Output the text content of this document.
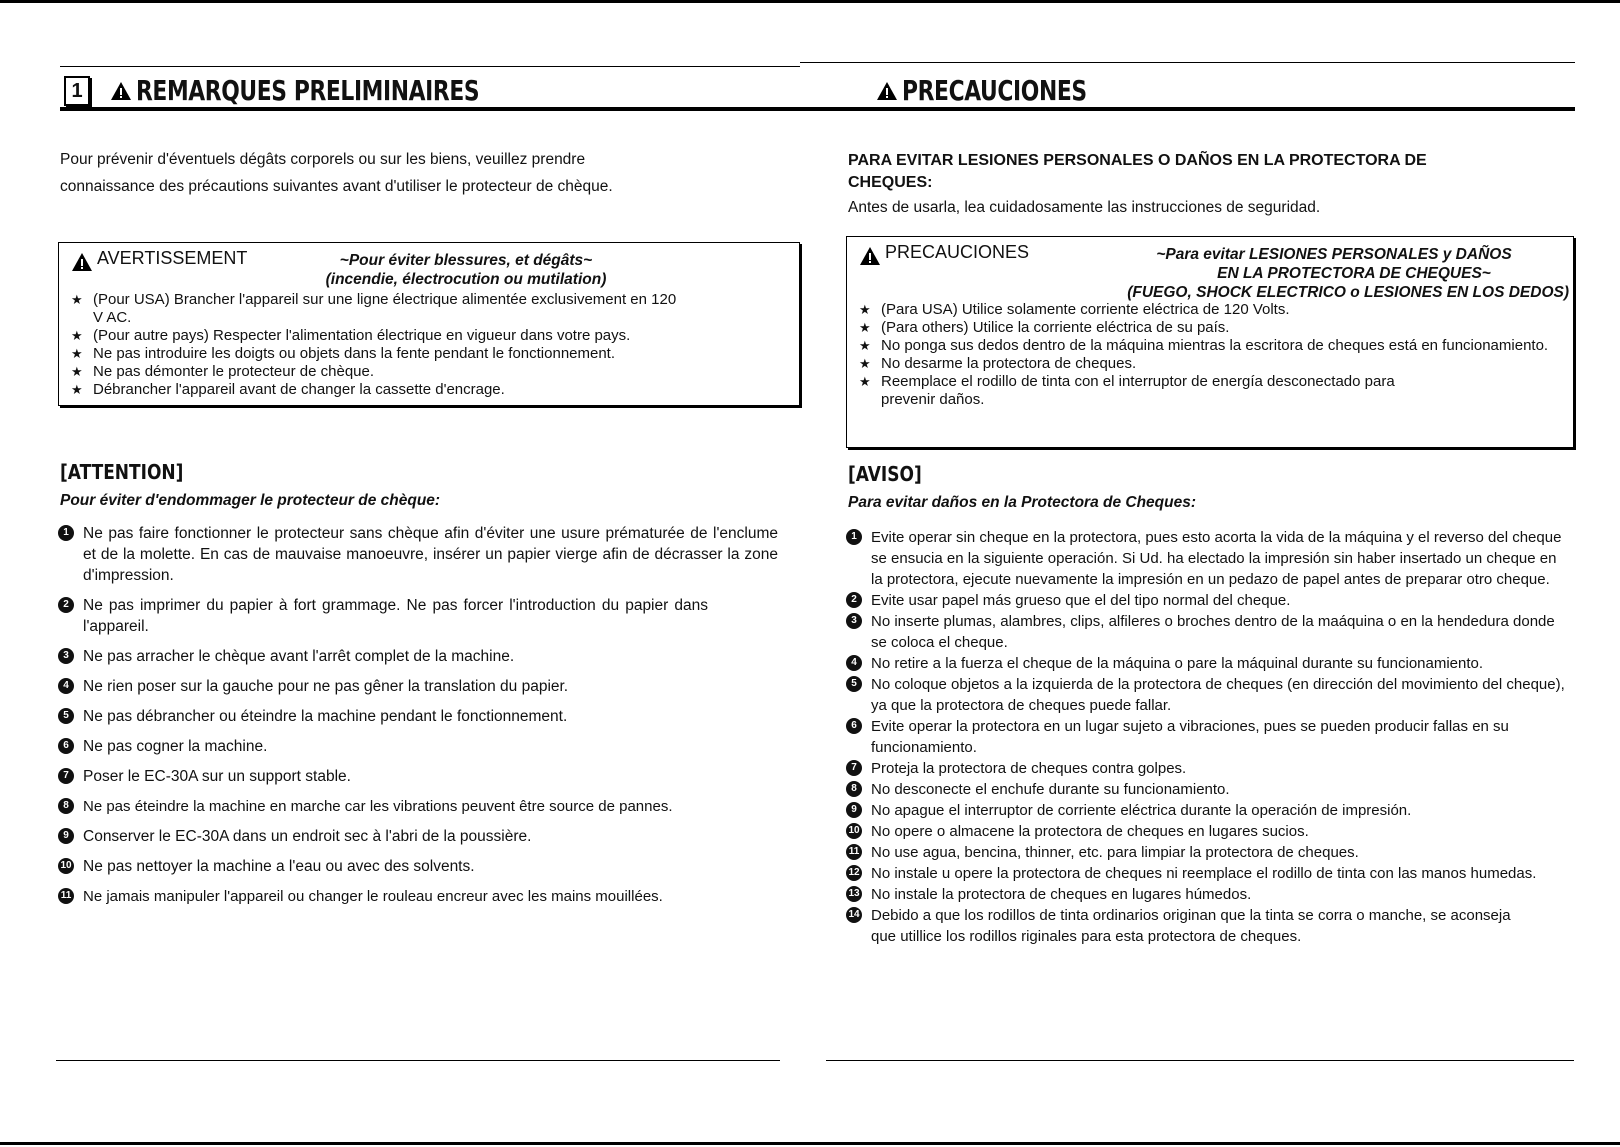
1 REMARQUES PRELIMINAIRES
Pour prévenir d'éventuels dégâts corporels ou sur les biens, veuillez prendre
connaissance des précautions suivantes avant d'utiliser le protecteur de chèque.
AVERTISSEMENT	~Pour éviter blessures, et dégâts~
(incendie, électrocution ou mutilation)
★ (Pour USA) Brancher l'appareil sur une ligne électrique alimentée exclusivement en 120 V AC.
★ (Pour autre pays) Respecter l'alimentation électrique en vigueur dans votre pays.
★ Ne pas introduire les doigts ou objets dans la fente pendant le fonctionnement.
★ Ne pas démonter le protecteur de chèque.
★ Débrancher l'appareil avant de changer la cassette d'encrage.
[ATTENTION]
Pour éviter d'endommager le protecteur de chèque:
1 Ne pas faire fonctionner le protecteur sans chèque afin d'éviter une usure prématurée de l'enclume et de la molette. En cas de mauvaise manoeuvre, insérer un papier vierge afin de décrasser la zone d'impression.
2 Ne pas imprimer du papier à fort grammage. Ne pas forcer l'introduction du papier dans l'appareil.
3 Ne pas arracher le chèque avant l'arrêt complet de la machine.
4 Ne rien poser sur la gauche pour ne pas gêner la translation du papier.
5 Ne pas débrancher ou éteindre la machine pendant le fonctionnement.
6 Ne pas cogner la machine.
7 Poser le EC-30A sur un support stable.
8 Ne pas éteindre la machine en marche car les vibrations peuvent être source de pannes.
9 Conserver le EC-30A dans un endroit sec à l'abri de la poussière.
10 Ne pas nettoyer la machine a l'eau ou avec des solvents.
11 Ne jamais manipuler l'appareil ou changer le rouleau encreur avec les mains mouillées.
PRECAUCIONES
PARA EVITAR LESIONES PERSONALES O DAÑOS EN LA PROTECTORA DE CHEQUES:
Antes de usarla, lea cuidadosamente las instrucciones de seguridad.
PRECAUCIONES	~Para evitar LESIONES PERSONALES y DAÑOS
EN LA PROTECTORA DE CHEQUES~
(FUEGO, SHOCK ELECTRICO o LESIONES EN LOS DEDOS)
★ (Para USA) Utilice solamente corriente eléctrica de 120 Volts.
★ (Para others) Utilice la corriente eléctrica de su país.
★ No ponga sus dedos dentro de la máquina mientras la escritora de cheques está en funcionamiento.
★ No desarme la protectora de cheques.
★ Reemplace el rodillo de tinta con el interruptor de energía desconectado para prevenir daños.
[AVISO]
Para evitar daños en la Protectora de Cheques:
1 Evite operar sin cheque en la protectora, pues esto acorta la vida de la máquina y el reverso del cheque se ensucia en la siguiente operación. Si Ud. ha electado la impresión sin haber insertado un cheque en la protectora, ejecute nuevamente la impresión en un pedazo de papel antes de preparar otro cheque.
2 Evite usar papel más grueso que el del tipo normal del cheque.
3 No inserte plumas, alambres, clips, alfileres o broches dentro de la maáquina o en la hendedura donde se coloca el cheque.
4 No retire a la fuerza el cheque de la máquina o pare la máquinal durante su funcionamiento.
5 No coloque objetos a la izquierda de la protectora de cheques (en dirección del movimiento del cheque), ya que la protectora de cheques puede fallar.
6 Evite operar la protectora en un lugar sujeto a vibraciones, pues se pueden producir fallas en su funcionamiento.
7 Proteja la protectora de cheques contra golpes.
8 No desconecte el enchufe durante su funcionamiento.
9 No apague el interruptor de corriente eléctrica durante la operación de impresión.
10 No opere o almacene la protectora de cheques en lugares sucios.
11 No use agua, bencina, thinner, etc. para limpiar la protectora de cheques.
12 No instale u opere la protectora de cheques ni reemplace el rodillo de tinta con las manos humedas.
13 No instale la protectora de cheques en lugares húmedos.
14 Debido a que los rodillos de tinta ordinarios originan que la tinta se corra o manche, se aconseja que utillice los rodillos riginales para esta protectora de cheques.
